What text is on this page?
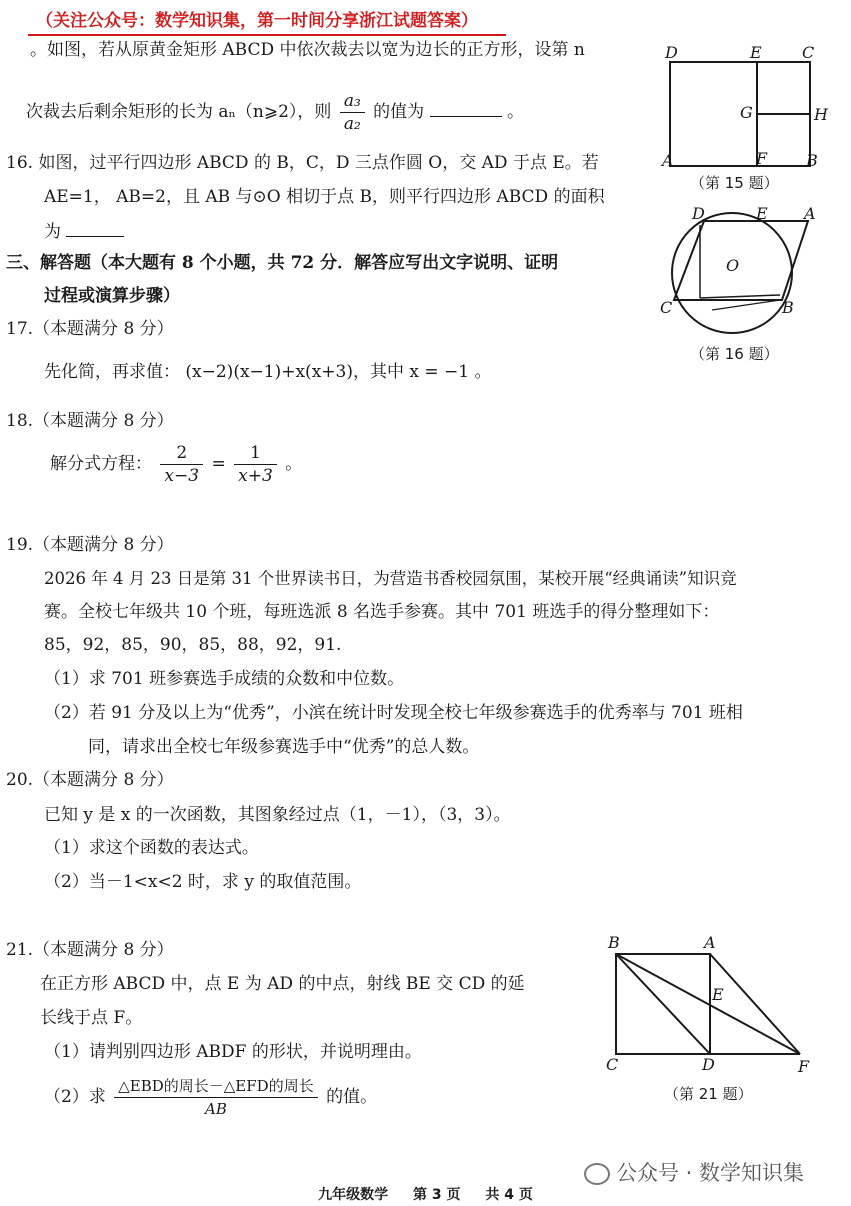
（关注公众号：数学知识集，第一时间分享浙江试题答案）
。如图，若从原黄金矩形 ABCD 中依次裁去以宽为边长的正方形，设第 n
次裁去后剩余矩形的长为 aₙ（n⩾2），则 $\frac{\text{a₃}}{\text{a₂}}$ 的值为	。
16. 如图，过平行四边形 ABCD 的 B，C，D 三点作圆 O，交 AD 于点 E。若
AE=1， AB=2，且 AB 与⊙O 相切于点 B，则平行四边形 ABCD 的面积
为
三、解答题（本大题有 8 个小题，共 72 分．解答应写出文字说明、证明
过程或演算步骤）
17.（本题满分 8 分）
先化简，再求值： (x−2)(x−1)+x(x+3)，其中 x = −1 。
18.（本题满分 8 分）
解分式方程： $\frac{2}{x-3} = \frac{1}{x+3}$ 。
19.（本题满分 8 分）
2026 年 4 月 23 日是第 31 个世界读书日，为营造书香校园氛围，某校开展“经典诵读”知识竞
赛。全校七年级共 10 个班，每班选派 8 名选手参赛。其中 701 班选手的得分整理如下：
85，92，85，90，85，88，92，91.
（1）求 701 班参赛选手成绩的众数和中位数。
（2）若 91 分及以上为“优秀”，小滨在统计时发现全校七年级参赛选手的优秀率与 701 班相
同，请求出全校七年级参赛选手中“优秀”的总人数。
20.（本题满分 8 分）
已知 y 是 x 的一次函数，其图象经过点（1，－1），（3，3）。
（1）求这个函数的表达式。
（2）当－1<x<2 时，求 y 的取值范围。
21.（本题满分 8 分）
在正方形 ABCD 中，点 E 为 AD 的中点，射线 BE 交 CD 的延
长线于点 F。
（1）请判别四边形 ABDF 的形状，并说明理由。
（2）求 $\frac{\text{△EBD的周长－△EFD的周长}}{AB}$ 的值。
D	E	C
G	H
A	F B
（第 15 题）
D	E A
O
C	B
（第 16 题）
B	A
E
C	D	F
（第 21 题）
公众号 · 数学知识集
九年级数学 第 3 页 共 4 页
